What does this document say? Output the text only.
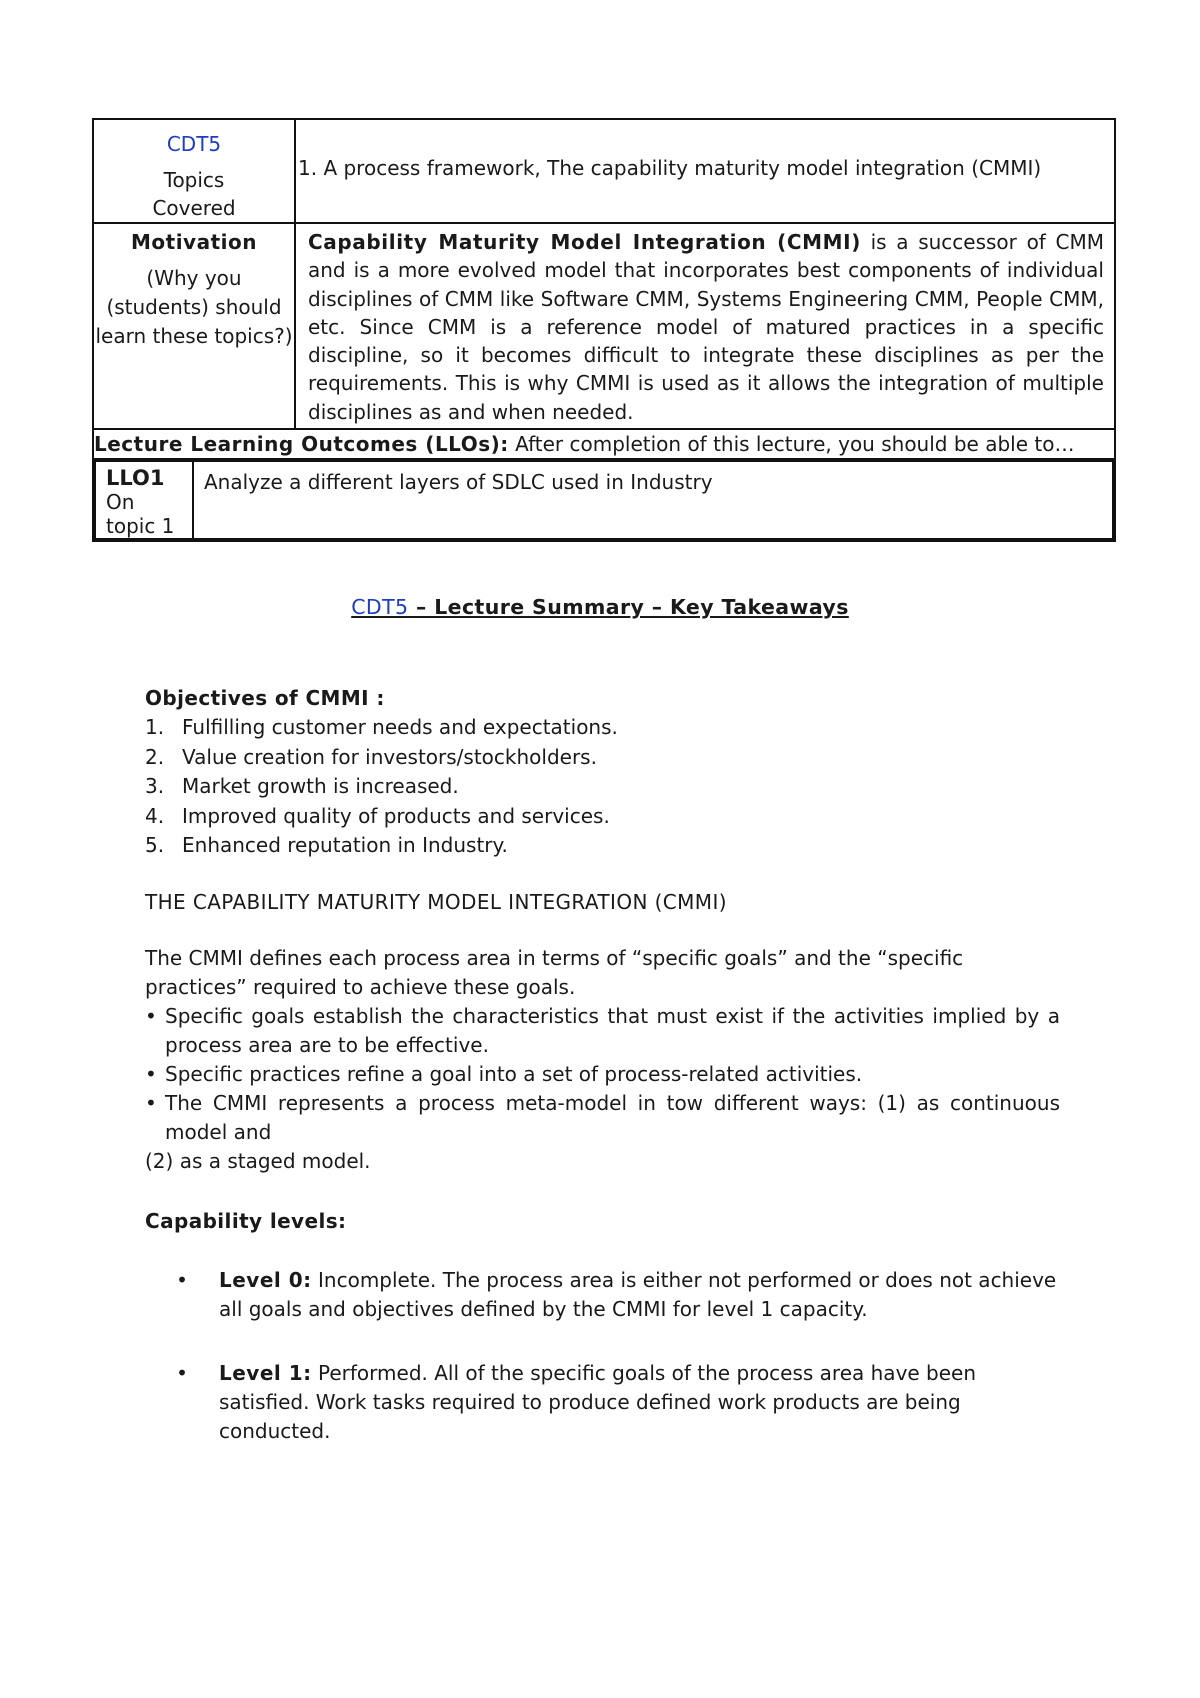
CDT5
Topics
Covered
	1. A process framework, The capability maturity model integration (CMMI)

Motivation
(Why you (students) should learn these topics?)
	Capability Maturity Model Integration (CMMI) is a successor of CMM and is a more evolved model that incorporates best components of individual disciplines of CMM like Software CMM, Systems Engineering CMM, People CMM, etc. Since CMM is a reference model of matured practices in a specific discipline, so it becomes difficult to integrate these disciplines as per the requirements. This is why CMMI is used as it allows the integration of multiple disciplines as and when needed.
Lecture Learning Outcomes (LLOs): After completion of this lecture, you should be able to…

LLO1
On topic 1
	Analyze a different layers of SDLC used in Industry
CDT5 – Lecture Summary – Key Takeaways
Objectives of CMMI :
1. Fulfilling customer needs and expectations.
2. Value creation for investors/stockholders.
3. Market growth is increased.
4. Improved quality of products and services.
5. Enhanced reputation in Industry.
THE CAPABILITY MATURITY MODEL INTEGRATION (CMMI)
The CMMI defines each process area in terms of “specific goals” and the “specific practices” required to achieve these goals.
• Specific goals establish the characteristics that must exist if the activities implied by a process area are to be effective.
• Specific practices refine a goal into a set of process-related activities.
• The CMMI represents a process meta-model in tow different ways: (1) as continuous model and
(2) as a staged model.
Capability levels:
•	Level 0: Incomplete. The process area is either not performed or does not achieve all goals and objectives defined by the CMMI for level 1 capacity.
•	Level 1: Performed. All of the specific goals of the process area have been satisfied. Work tasks required to produce defined work products are being conducted.
